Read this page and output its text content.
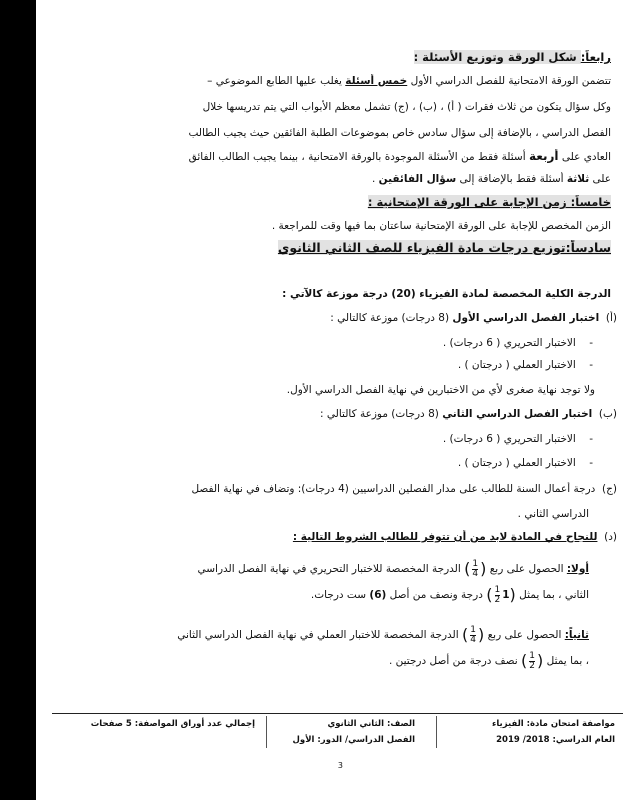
رابعاً: شكل الورقة وتوزيع الأسئلة :
تتضمن الورقة الامتحانية للفصل الدراسي الأول خمس أسئلة يغلب عليها الطابع الموضوعي –
وكل سؤال يتكون من ثلاث فقرات ( أ) ، (ب) ، (ج) تشمل معظم الأبواب التي يتم تدريسها خلال
الفصل الدراسي ، بالإضافة إلى سؤال سادس خاص بموضوعات الطلبة الفائقين حيث يجيب الطالب
العادي على أربعة أسئلة فقط من الأسئلة الموجودة بالورقة الامتحانية ، بينما يجيب الطالب الفائق
على ثلاثة أسئلة فقط بالإضافة إلى سؤال الفائقين .
خامساً: زمن الإجابة على الورقة الإمتحانية :
الزمن المخصص للإجابة على الورقة الإمتحانية ساعتان بما فيها وقت للمراجعة .
سادساً:توزيع درجات مادة الفيزياء للصف الثاني الثانوي
الدرجة الكلية المخصصة لمادة الفيزياء (20) درجة موزعة كالآتي :
(أ)  اختبار الفصل الدراسي الأول (8 درجات) موزعة كالتالي :
-    الاختبار التحريري ( 6 درجات) .
-    الاختبار العملي ( درجتان ) .
ولا توجد نهاية صغرى لأي من الاختبارين في نهاية الفصل الدراسي الأول.
(ب)  اختبار الفصل الدراسي الثاني (8 درجات) موزعة كالتالي :
-    الاختبار التحريري ( 6 درجات) .
-    الاختبار العملي ( درجتان ) .
(ج)  درجة أعمال السنة للطالب على مدار الفصلين الدراسيين (4 درجات): وتضاف في نهاية الفصل
الدراسي الثاني .
(د)  للنجاح في المادة لابد من أن تتوفر للطالب الشروط التالية :
أولا: الحصول على ربع (
$\frac{1}{4}$
) الدرجة المخصصة للاختبار التحريري في نهاية الفصل الدراسي
الثاني ، بما يمثل (1
$\frac{1}{2}$
) درجة ونصف من أصل (6) ست درجات.
ثانياً: الحصول على ربع (
$\frac{1}{4}$
) الدرجة المخصصة للاختبار العملي في نهاية الفصل الدراسي الثاني
، بما يمثل (
$\frac{1}{2}$
) نصف درجة من أصل درجتين .
مواصفة امتحان مادة: الفيزياء
العام الدراسي: 2018/ 2019
الصف: الثاني الثانوي
الفصل الدراسي/ الدور: الأول
إجمالي عدد أوراق المواصفة: 5 صفحات
3
